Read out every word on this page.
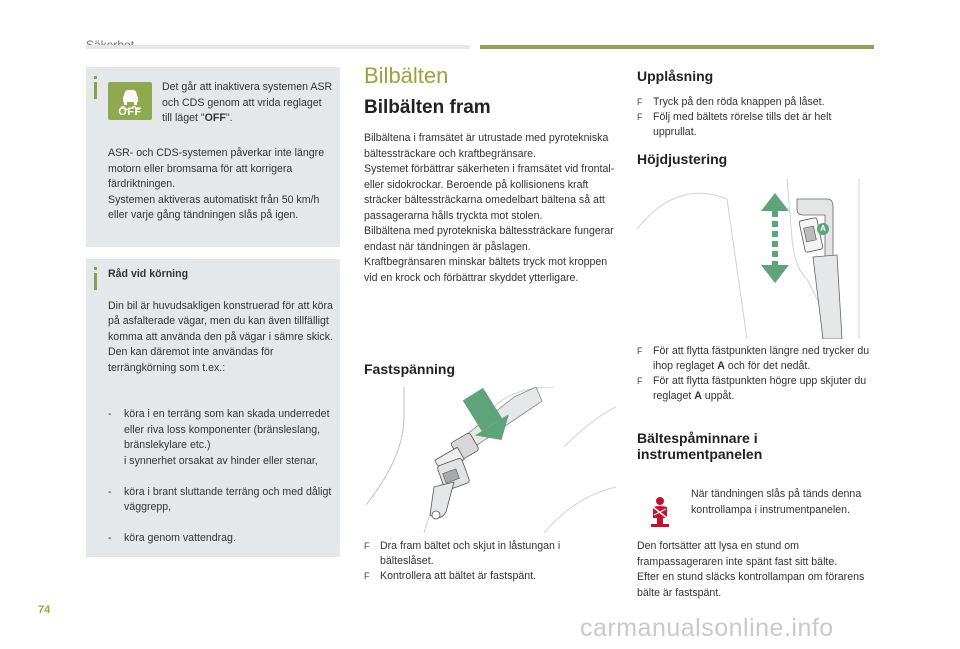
OFF
Det går att inaktivera systemen ASR och CDS genom att vrida reglaget till läget "OFF".
ASR- och CDS-systemen påverkar inte längre motorn eller bromsarna för att korrigera färdriktningen.
Systemen aktiveras automatiskt från 50 km/h eller varje gång tändningen slås på igen.
Råd vid körning

Din bil är huvudsakligen konstruerad för att köra på asfalterade vägar, men du kan även tillfälligt komma att använda den på vägar i sämre skick.
Den kan däremot inte användas för terrängkörning som t.ex.:

- köra i en terräng som kan skada underredet eller riva loss komponenter (bränsleslang, bränslekylare etc.)
i synnerhet orsakat av hinder eller stenar,

- köra i brant sluttande terräng och med dåligt väggrepp,

- köra genom vattendrag.

Bilbälten
Bilbälten fram
Bilbältena i framsätet är utrustade med pyrotekniska bältessträckare och kraftbegränsare.
Systemet förbättrar säkerheten i framsätet vid frontal- eller sidokrockar. Beroende på kollisionens kraft sträcker bältessträckarna omedelbart bältena så att passagerarna hålls tryckta mot stolen.
Bilbältena med pyrotekniska bältessträckare fungerar endast när tändningen är påslagen.
Kraftbegränsaren minskar bältets tryck mot kroppen vid en krock och förbättrar skyddet ytterligare.
Fastspänning
F Dra fram bältet och skjut in låstungan i bälteslåset.
F Kontrollera att bältet är fastspänt.
Upplåsning
F Tryck på den röda knappen på låset.
F Följ med bältets rörelse tills det är helt upprullat.
Höjdjustering
A
F För att flytta fästpunkten längre ned trycker du ihop reglaget A och för det nedåt.
F För att flytta fästpunkten högre upp skjuter du reglaget A uppåt.
Bältespåminnare i instrumentpanelen
När tändningen slås på tänds denna kontrollampa i instrumentpanelen.
Den fortsätter att lysa en stund om frampassageraren inte spänt fast sitt bälte.
Efter en stund släcks kontrollampan om förarens bälte är fastspänt.
74
carmanualsonline.info
